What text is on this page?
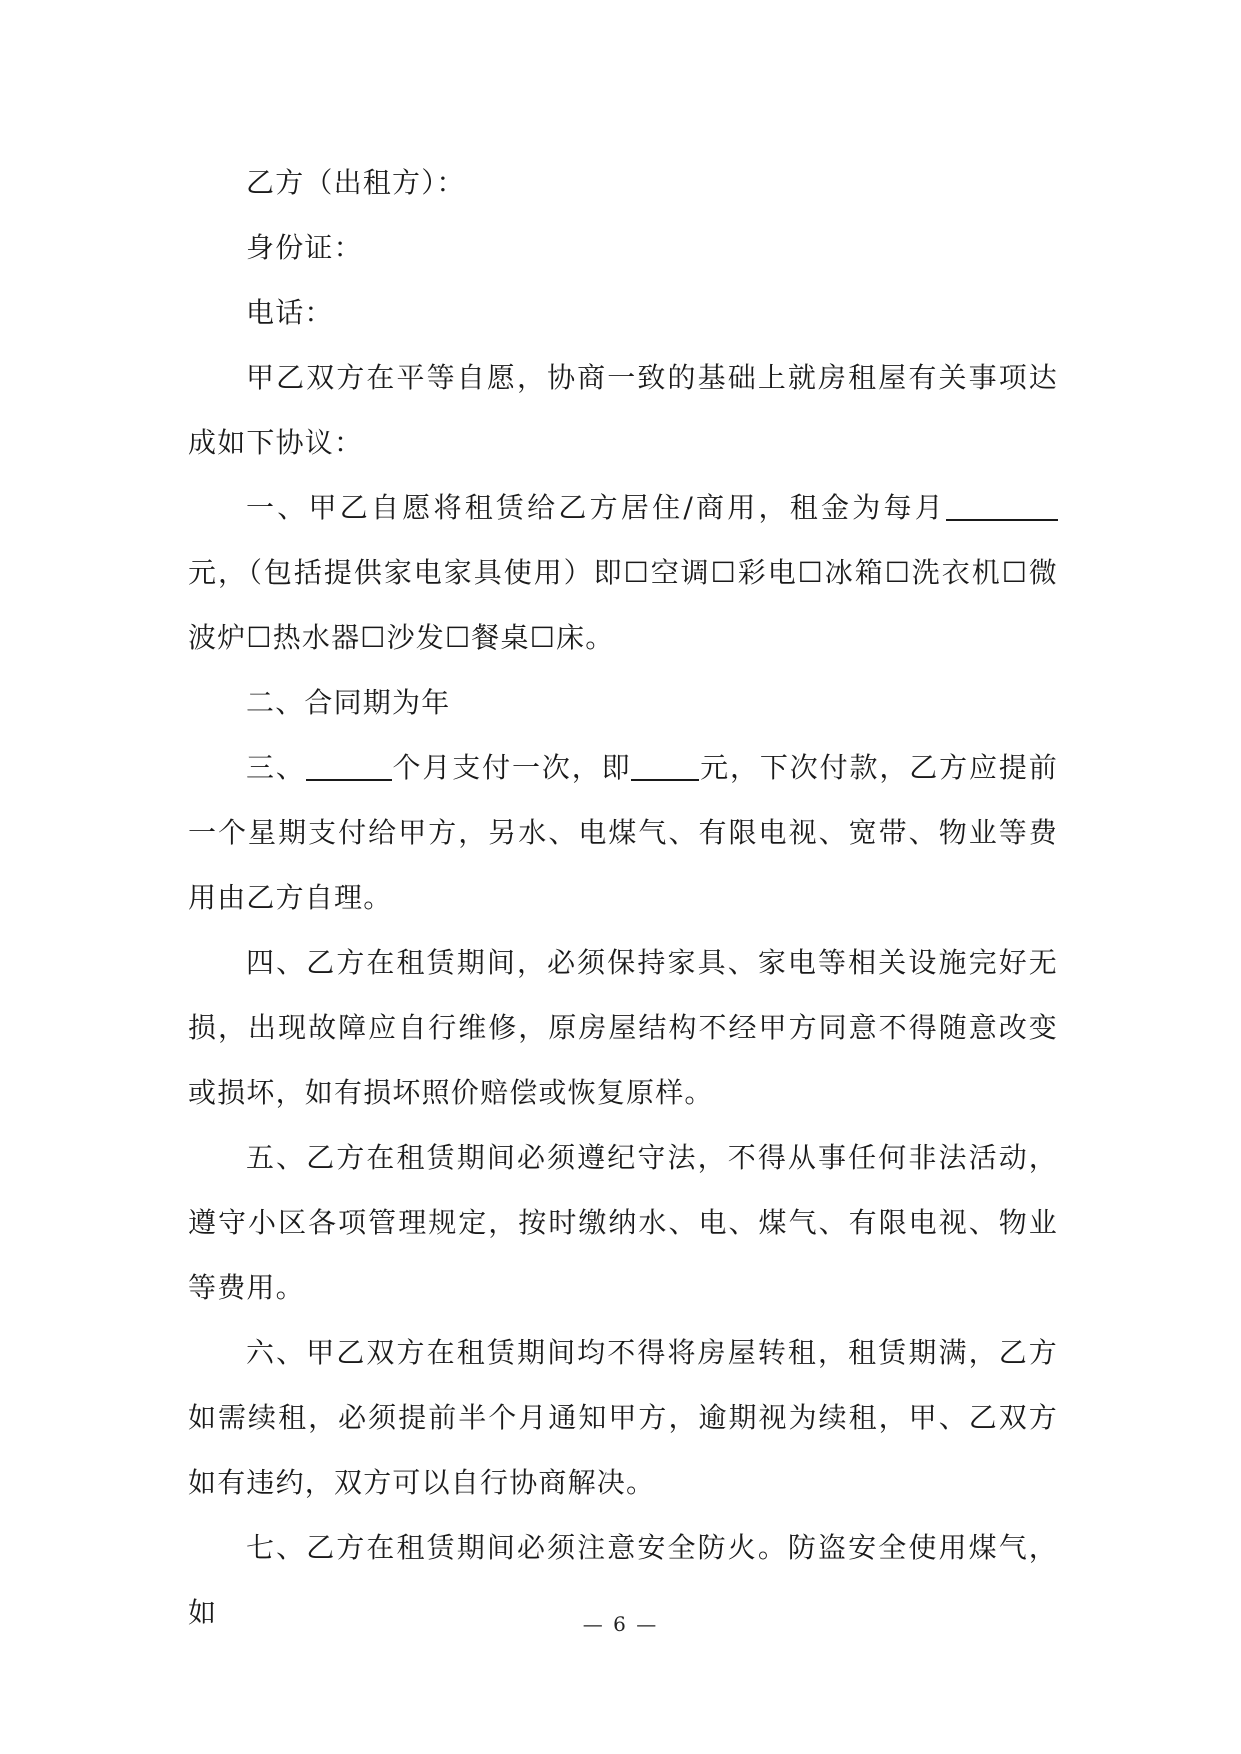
乙方（出租方）：

身份证：

电话：

甲乙双方在平等自愿，协商一致的基础上就房租屋有关事项达成如下协议：

一、甲乙自愿将租赁给乙方居住/商用，租金为每月元，（包括提供家电家具使用）即☐空调☐彩电☐冰箱☐洗衣机☐微波炉☐热水器☐沙发☐餐桌☐床。

二、合同期为年

三、	个月支付一次，即 元，下次付款，乙方应提前一个星期支付给甲方，另水、电煤气、有限电视、宽带、物业等费用由乙方自理。

四、乙方在租赁期间，必须保持家具、家电等相关设施完好无损，出现故障应自行维修，原房屋结构不经甲方同意不得随意改变或损坏，如有损坏照价赔偿或恢复原样。

五、乙方在租赁期间必须遵纪守法，不得从事任何非法活动，遵守小区各项管理规定，按时缴纳水、电、煤气、有限电视、物业等费用。

六、甲乙双方在租赁期间均不得将房屋转租，租赁期满，乙方如需续租，必须提前半个月通知甲方，逾期视为续租，甲、乙双方如有违约，双方可以自行协商解决。

七、乙方在租赁期间必须注意安全防火。防盗安全使用煤气，如	— 6 —
